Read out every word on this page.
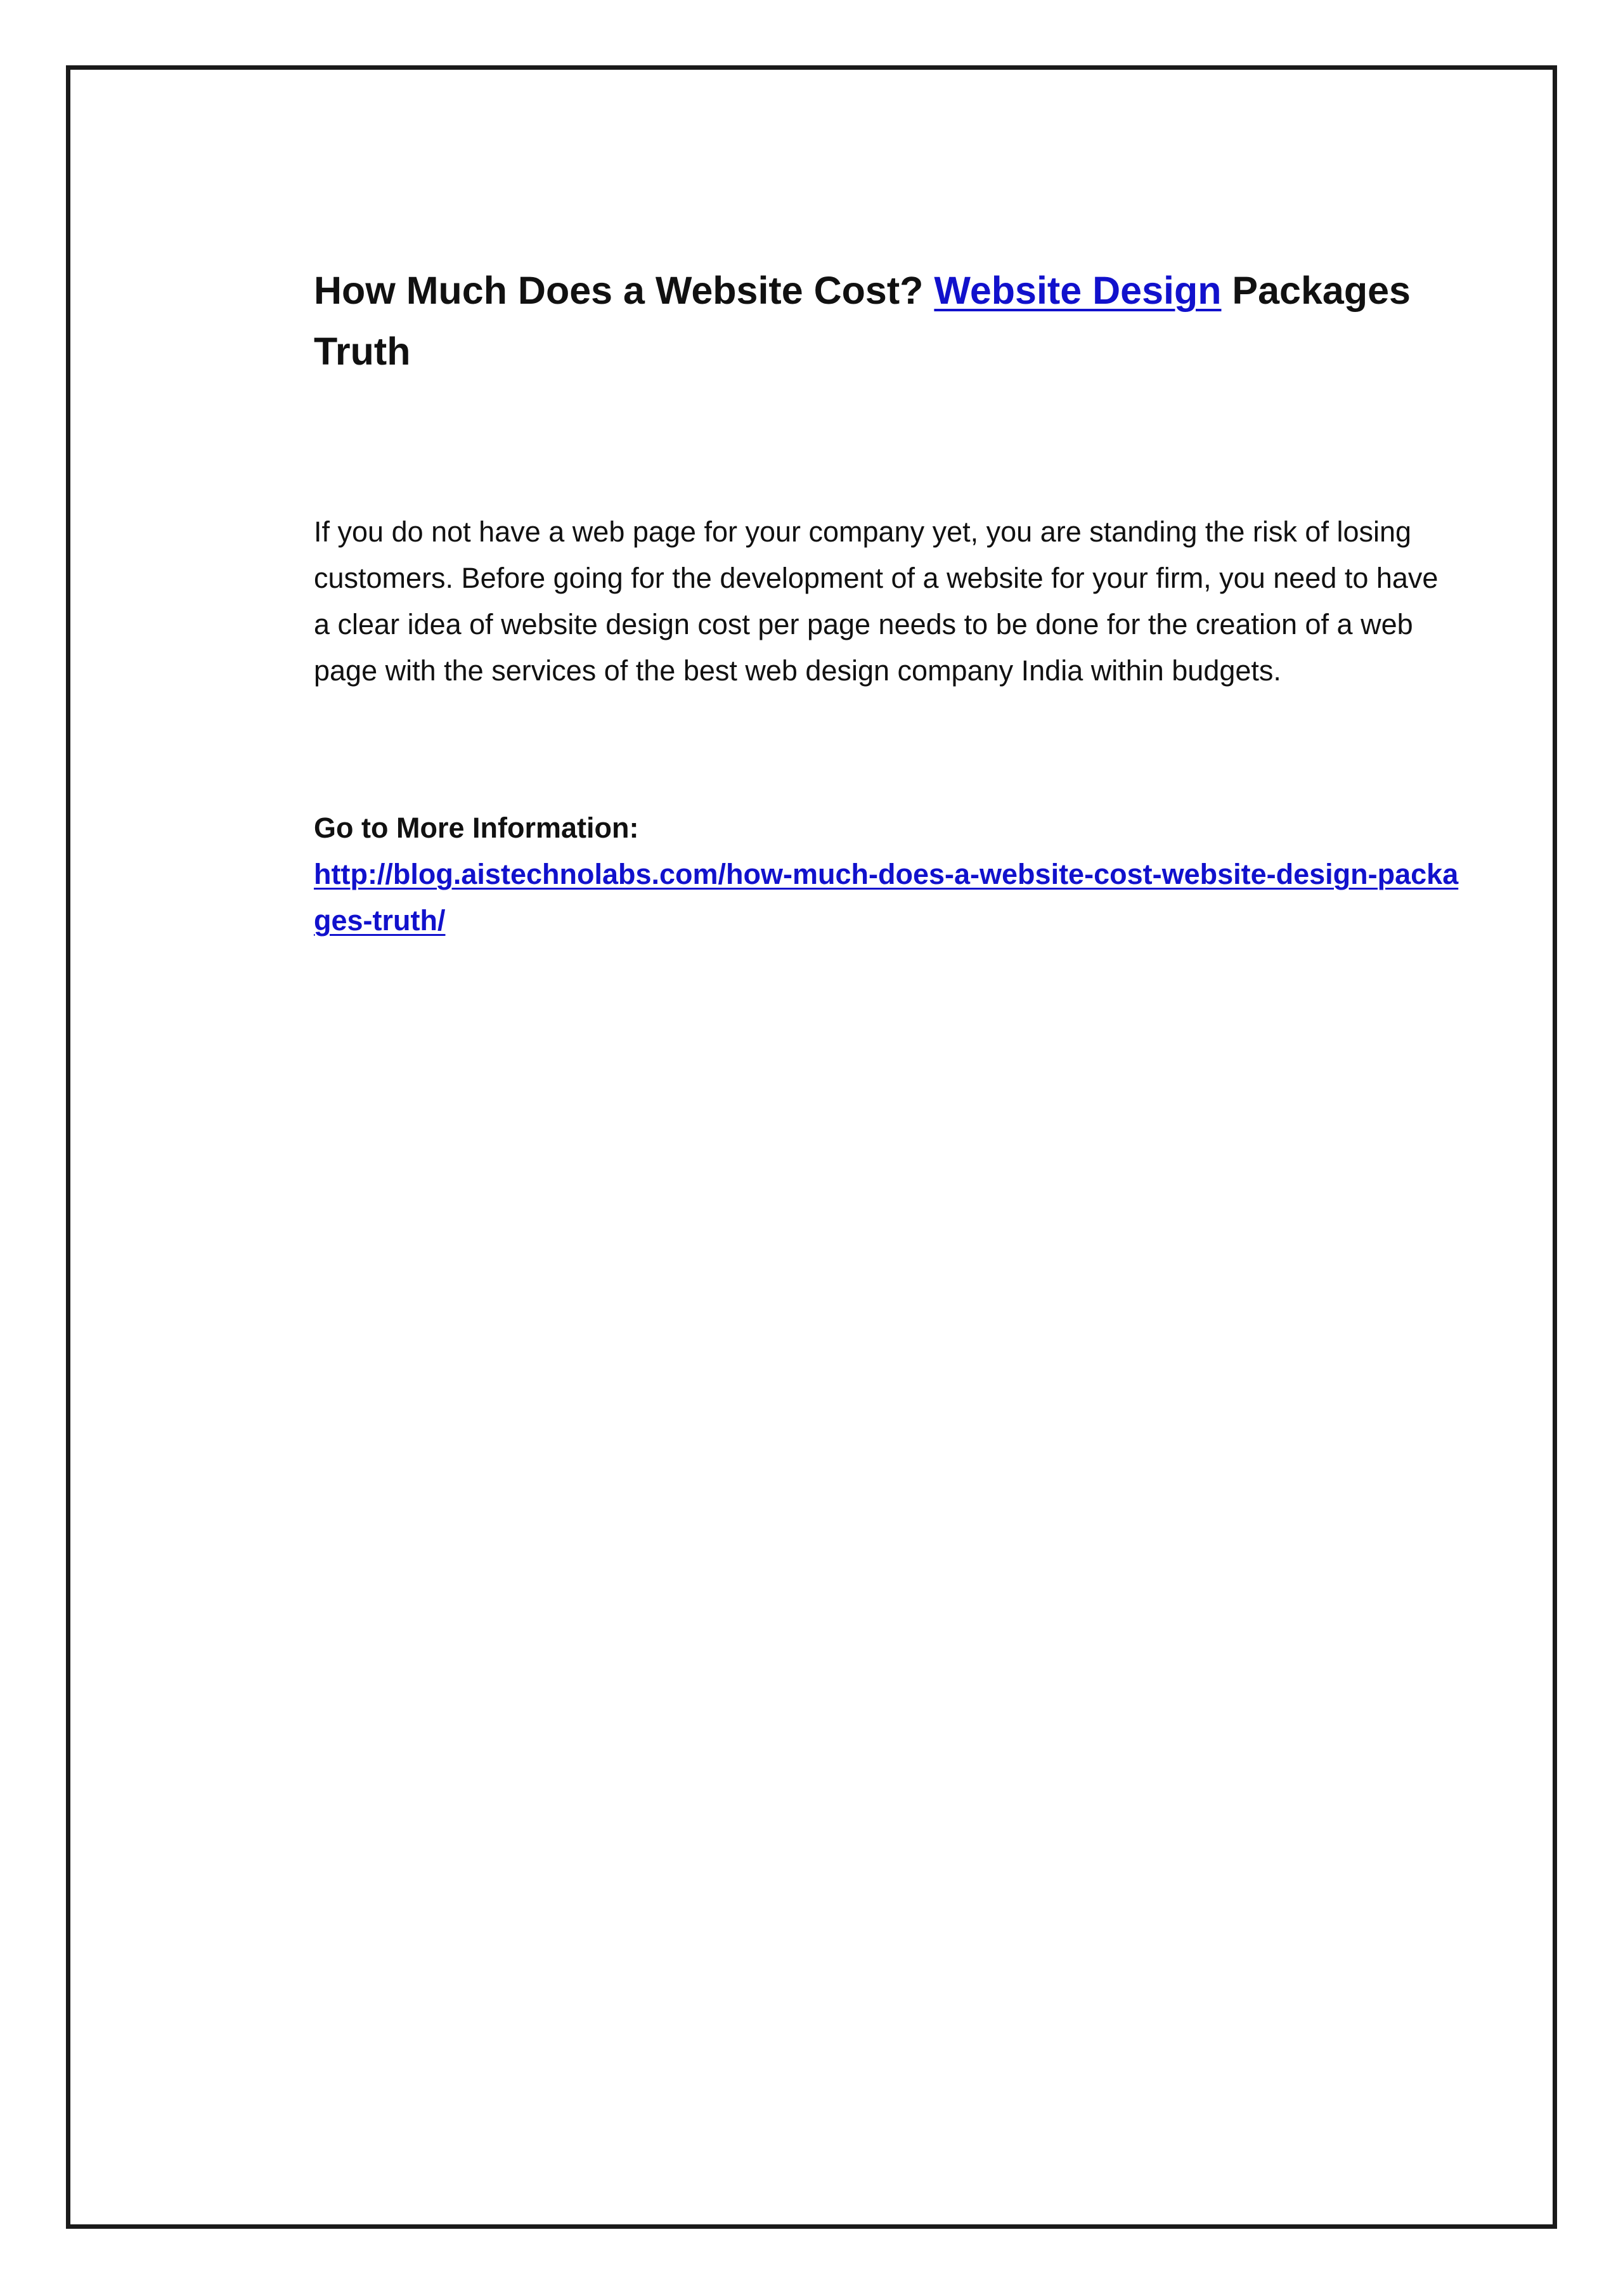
How Much Does a Website Cost? Website Design Packages Truth

If you do not have a web page for your company yet, you are standing the risk of losing customers. Before going for the development of a website for your firm, you need to have a clear idea of website design cost per page needs to be done for the creation of a web page with the services of the best web design company India within budgets.

Go to More Information:
http://blog.aistechnolabs.com/how-much-does-a-website-cost-website-design-packages-truth/
